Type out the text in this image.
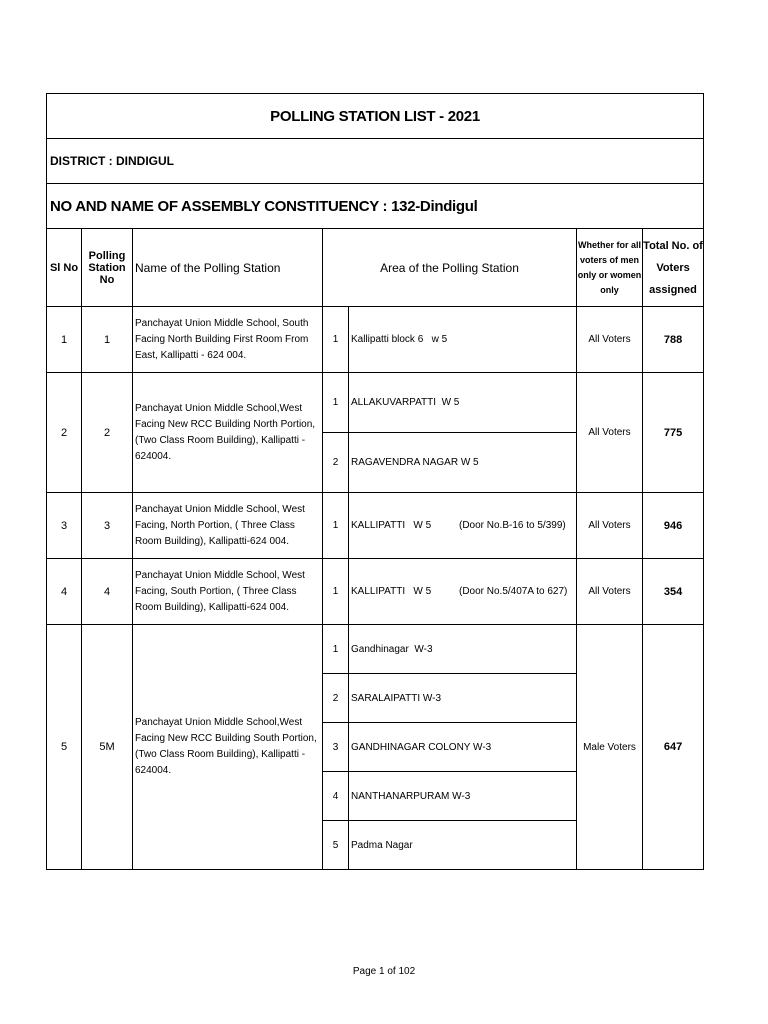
POLLING STATION LIST - 2021						
DISTRICT : DINDIGUL						
NO AND NAME OF ASSEMBLY CONSTITUENCY : 132-Dindigul						
Sl No	Polling Station No	Name of the Polling Station	Area of the Polling Station		Whether for all voters of men only or women only	Total No. of Voters assigned
1	1	Panchayat Union Middle School, South Facing North Building First Room From East, Kallipatti - 624 004.	1	Kallipatti block 6   w 5	All Voters	788
2	2	Panchayat Union Middle School,West Facing New RCC Building North Portion, (Two Class Room Building), Kallipatti - 624004.	1	ALLAKUVARPATTI  W 5	All Voters	775
			2	RAGAVENDRA NAGAR W 5		
3	3	Panchayat Union Middle School, West Facing, North Portion, ( Three Class Room Building), Kallipatti-624 004.	1	KALLIPATTI   W 5          (Door No.B-16 to 5/399)	All Voters	946
4	4	Panchayat Union Middle School, West Facing, South Portion, ( Three Class Room Building), Kallipatti-624 004.	1	KALLIPATTI   W 5          (Door No.5/407A to 627)	All Voters	354
5	5M	Panchayat Union Middle School,West Facing New RCC Building South Portion, (Two Class Room Building), Kallipatti - 624004.	1	Gandhinagar  W-3	Male Voters	647
			2	SARALAIPATTI W-3		
			3	GANDHINAGAR COLONY W-3		
			4	NANTHANARPURAM W-3		
			5	Padma Nagar		
Page 1 of 102
